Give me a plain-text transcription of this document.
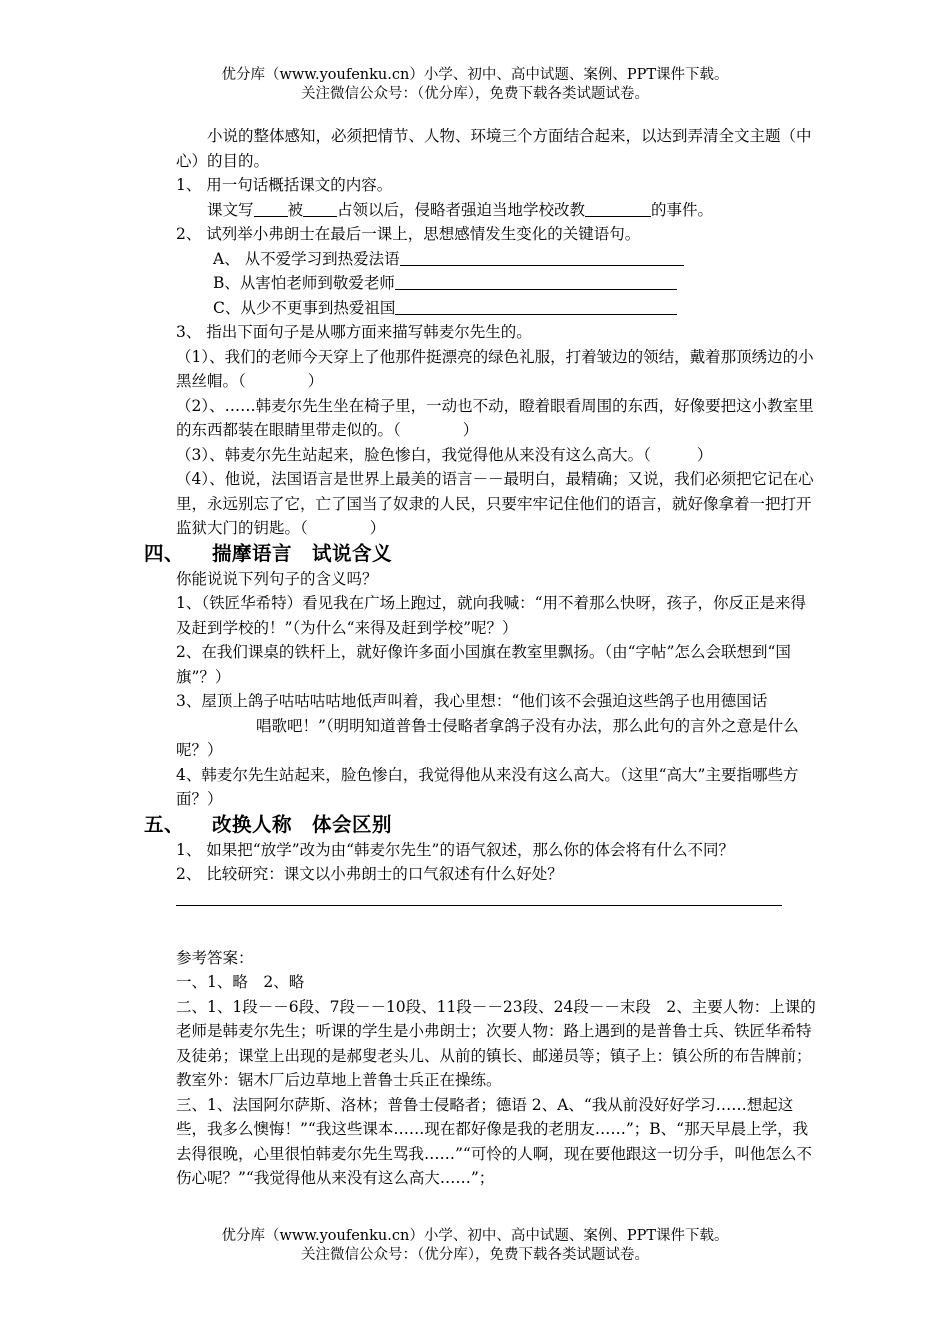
优分库（www.youfenku.cn）小学、初中、高中试题、案例、PPT课件下载。
关注微信公众号：（优分库），免费下载各类试题试卷。

小说的整体感知，必须把情节、人物、环境三个方面结合起来，以达到弄清全文主题（中心）的目的。

1、 用一句话概括课文的内容。

课文写 被 占领以后，侵略者强迫当地学校改教	的事件。

2、 试列举小弗朗士在最后一课上，思想感情发生变化的关键语句。

A、 从不爱学习到热爱法语

B、从害怕老师到敬爱老师

C、从少不更事到热爱祖国

3、 指出下面句子是从哪方面来描写韩麦尔先生的。

（1）、我们的老师今天穿上了他那件挺漂亮的绿色礼服，打着皱边的领结，戴着那顶绣边的小黑丝帽。（	）

（2）、……韩麦尔先生坐在椅子里，一动也不动，瞪着眼看周围的东西，好像要把这小教室里的东西都装在眼睛里带走似的。（	）

（3）、韩麦尔先生站起来，脸色惨白，我觉得他从来没有这么高大。（	）

（4）、他说，法国语言是世界上最美的语言－－最明白，最精确；又说，我们必须把它记在心里，永远别忘了它，亡了国当了奴隶的人民，只要牢牢记住他们的语言，就好像拿着一把打开监狱大门的钥匙。（	）

四、 揣摩语言 试说含义

你能说说下列句子的含义吗？

1、（铁匠华希特）看见我在广场上跑过，就向我喊：“用不着那么快呀，孩子，你反正是来得及赶到学校的！”（为什么“来得及赶到学校”呢？）

2、在我们课桌的铁杆上，就好像许多面小国旗在教室里飘扬。（由“字帖”怎么会联想到“国旗”？）

3、屋顶上鸽子咕咕咕咕地低声叫着，我心里想：“他们该不会强迫这些鸽子也用德国话唱歌吧！”（明明知道普鲁士侵略者拿鸽子没有办法，那么此句的言外之意是什么呢？）

4、韩麦尔先生站起来，脸色惨白，我觉得他从来没有这么高大。（这里“高大”主要指哪些方面？）

五、 改换人称 体会区别

1、 如果把“放学”改为由“韩麦尔先生”的语气叙述，那么你的体会将有什么不同？

2、 比较研究：课文以小弗朗士的口气叙述有什么好处？

参考答案：

一、1、略　2、略

二、1、1段－－6段、7段－－10段、11段－－23段、24段－－末段　2、主要人物：上课的老师是韩麦尔先生；听课的学生是小弗朗士；次要人物：路上遇到的是普鲁士兵、铁匠华希特及徒弟；课堂上出现的是郝叟老头儿、从前的镇长、邮递员等；镇子上：镇公所的布告牌前；教室外：锯木厂后边草地上普鲁士兵正在操练。

三、1、法国阿尔萨斯、洛林；普鲁士侵略者；德语 2、A、“我从前没好好学习……想起这些，我多么懊悔！”“我这些课本……现在都好像是我的老朋友……”；B、“那天早晨上学，我去得很晚，心里很怕韩麦尔先生骂我……”“可怜的人啊，现在要他跟这一切分手，叫他怎么不伤心呢？”“我觉得他从来没有这么高大……”；

优分库（www.youfenku.cn）小学、初中、高中试题、案例、PPT课件下载。
关注微信公众号：（优分库），免费下载各类试题试卷。
